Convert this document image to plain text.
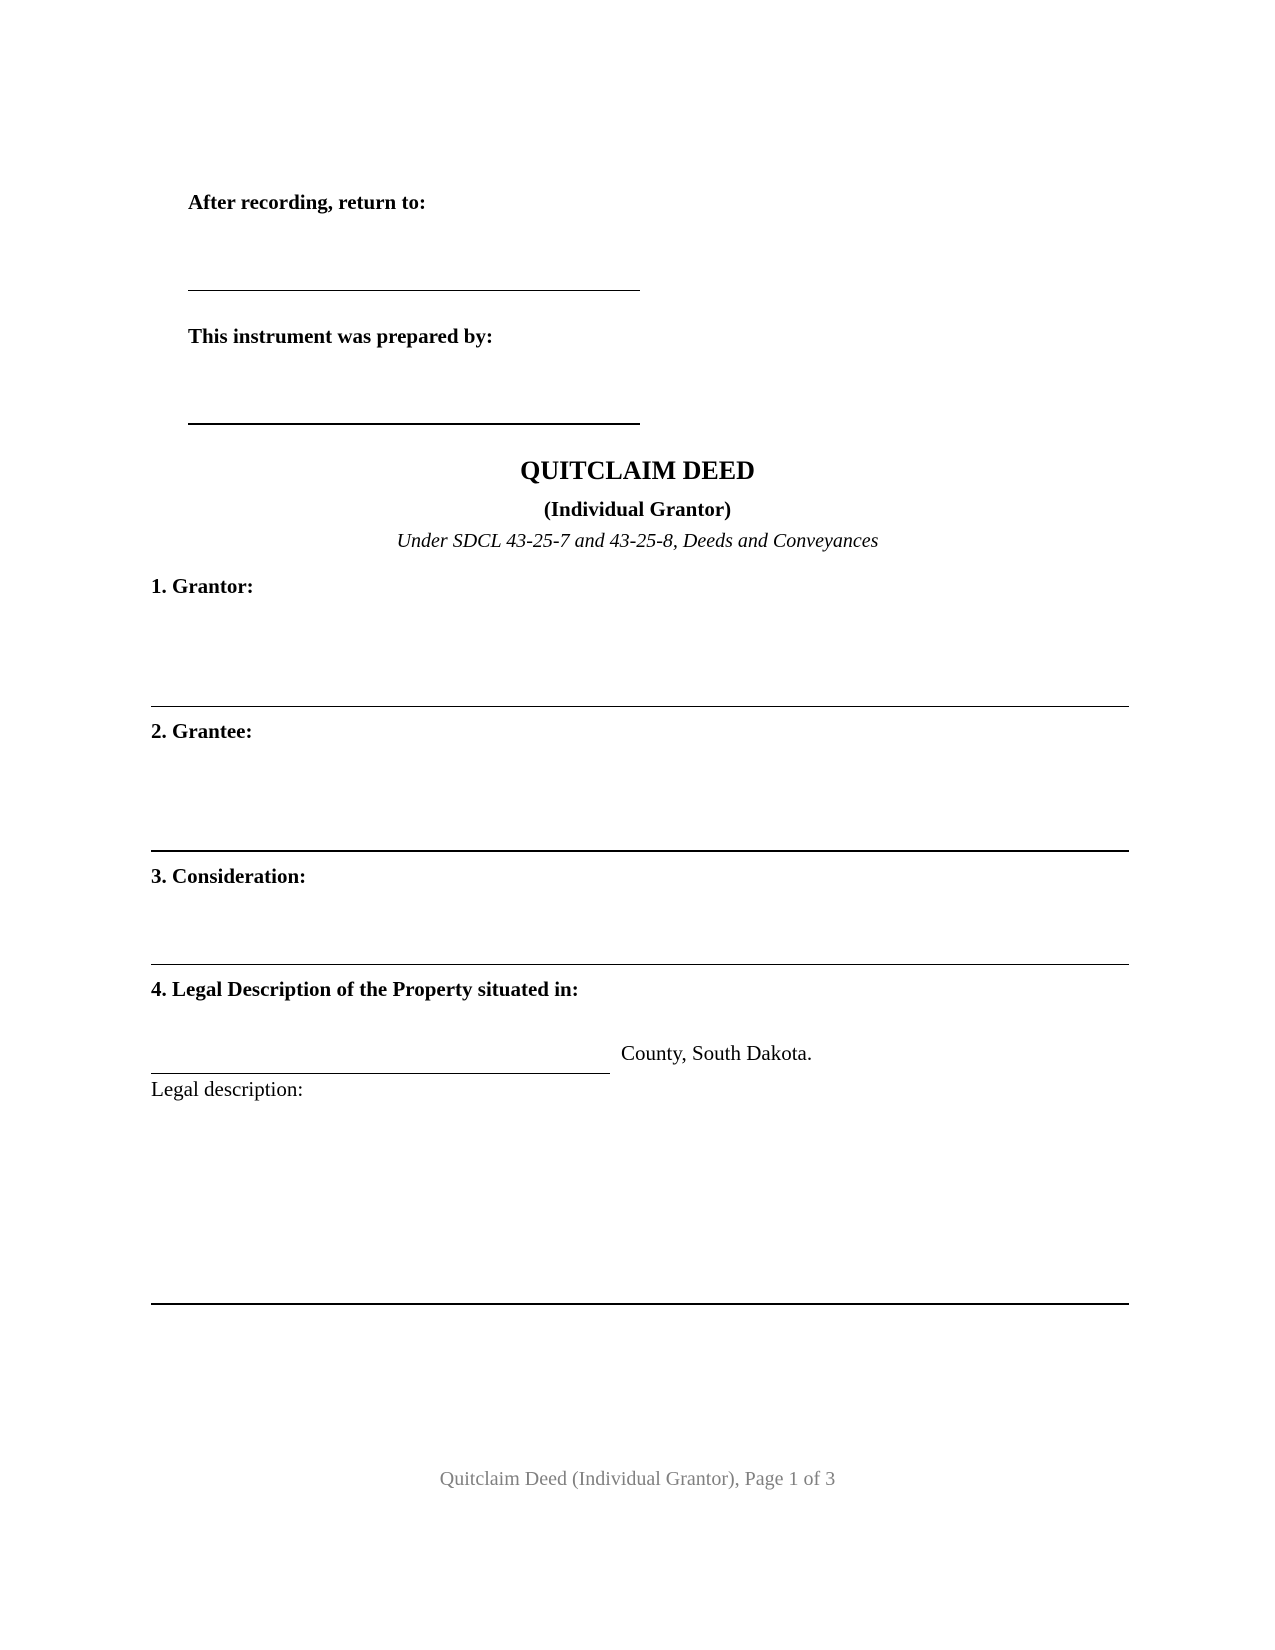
After recording, return to:
This instrument was prepared by:
QUITCLAIM DEED
(Individual Grantor)
Under SDCL 43-25-7 and 43-25-8, Deeds and Conveyances
1. Grantor:
2. Grantee:
3. Consideration:
4. Legal Description of the Property situated in:
County, South Dakota.
Legal description:
Quitclaim Deed (Individual Grantor), Page 1 of 3
